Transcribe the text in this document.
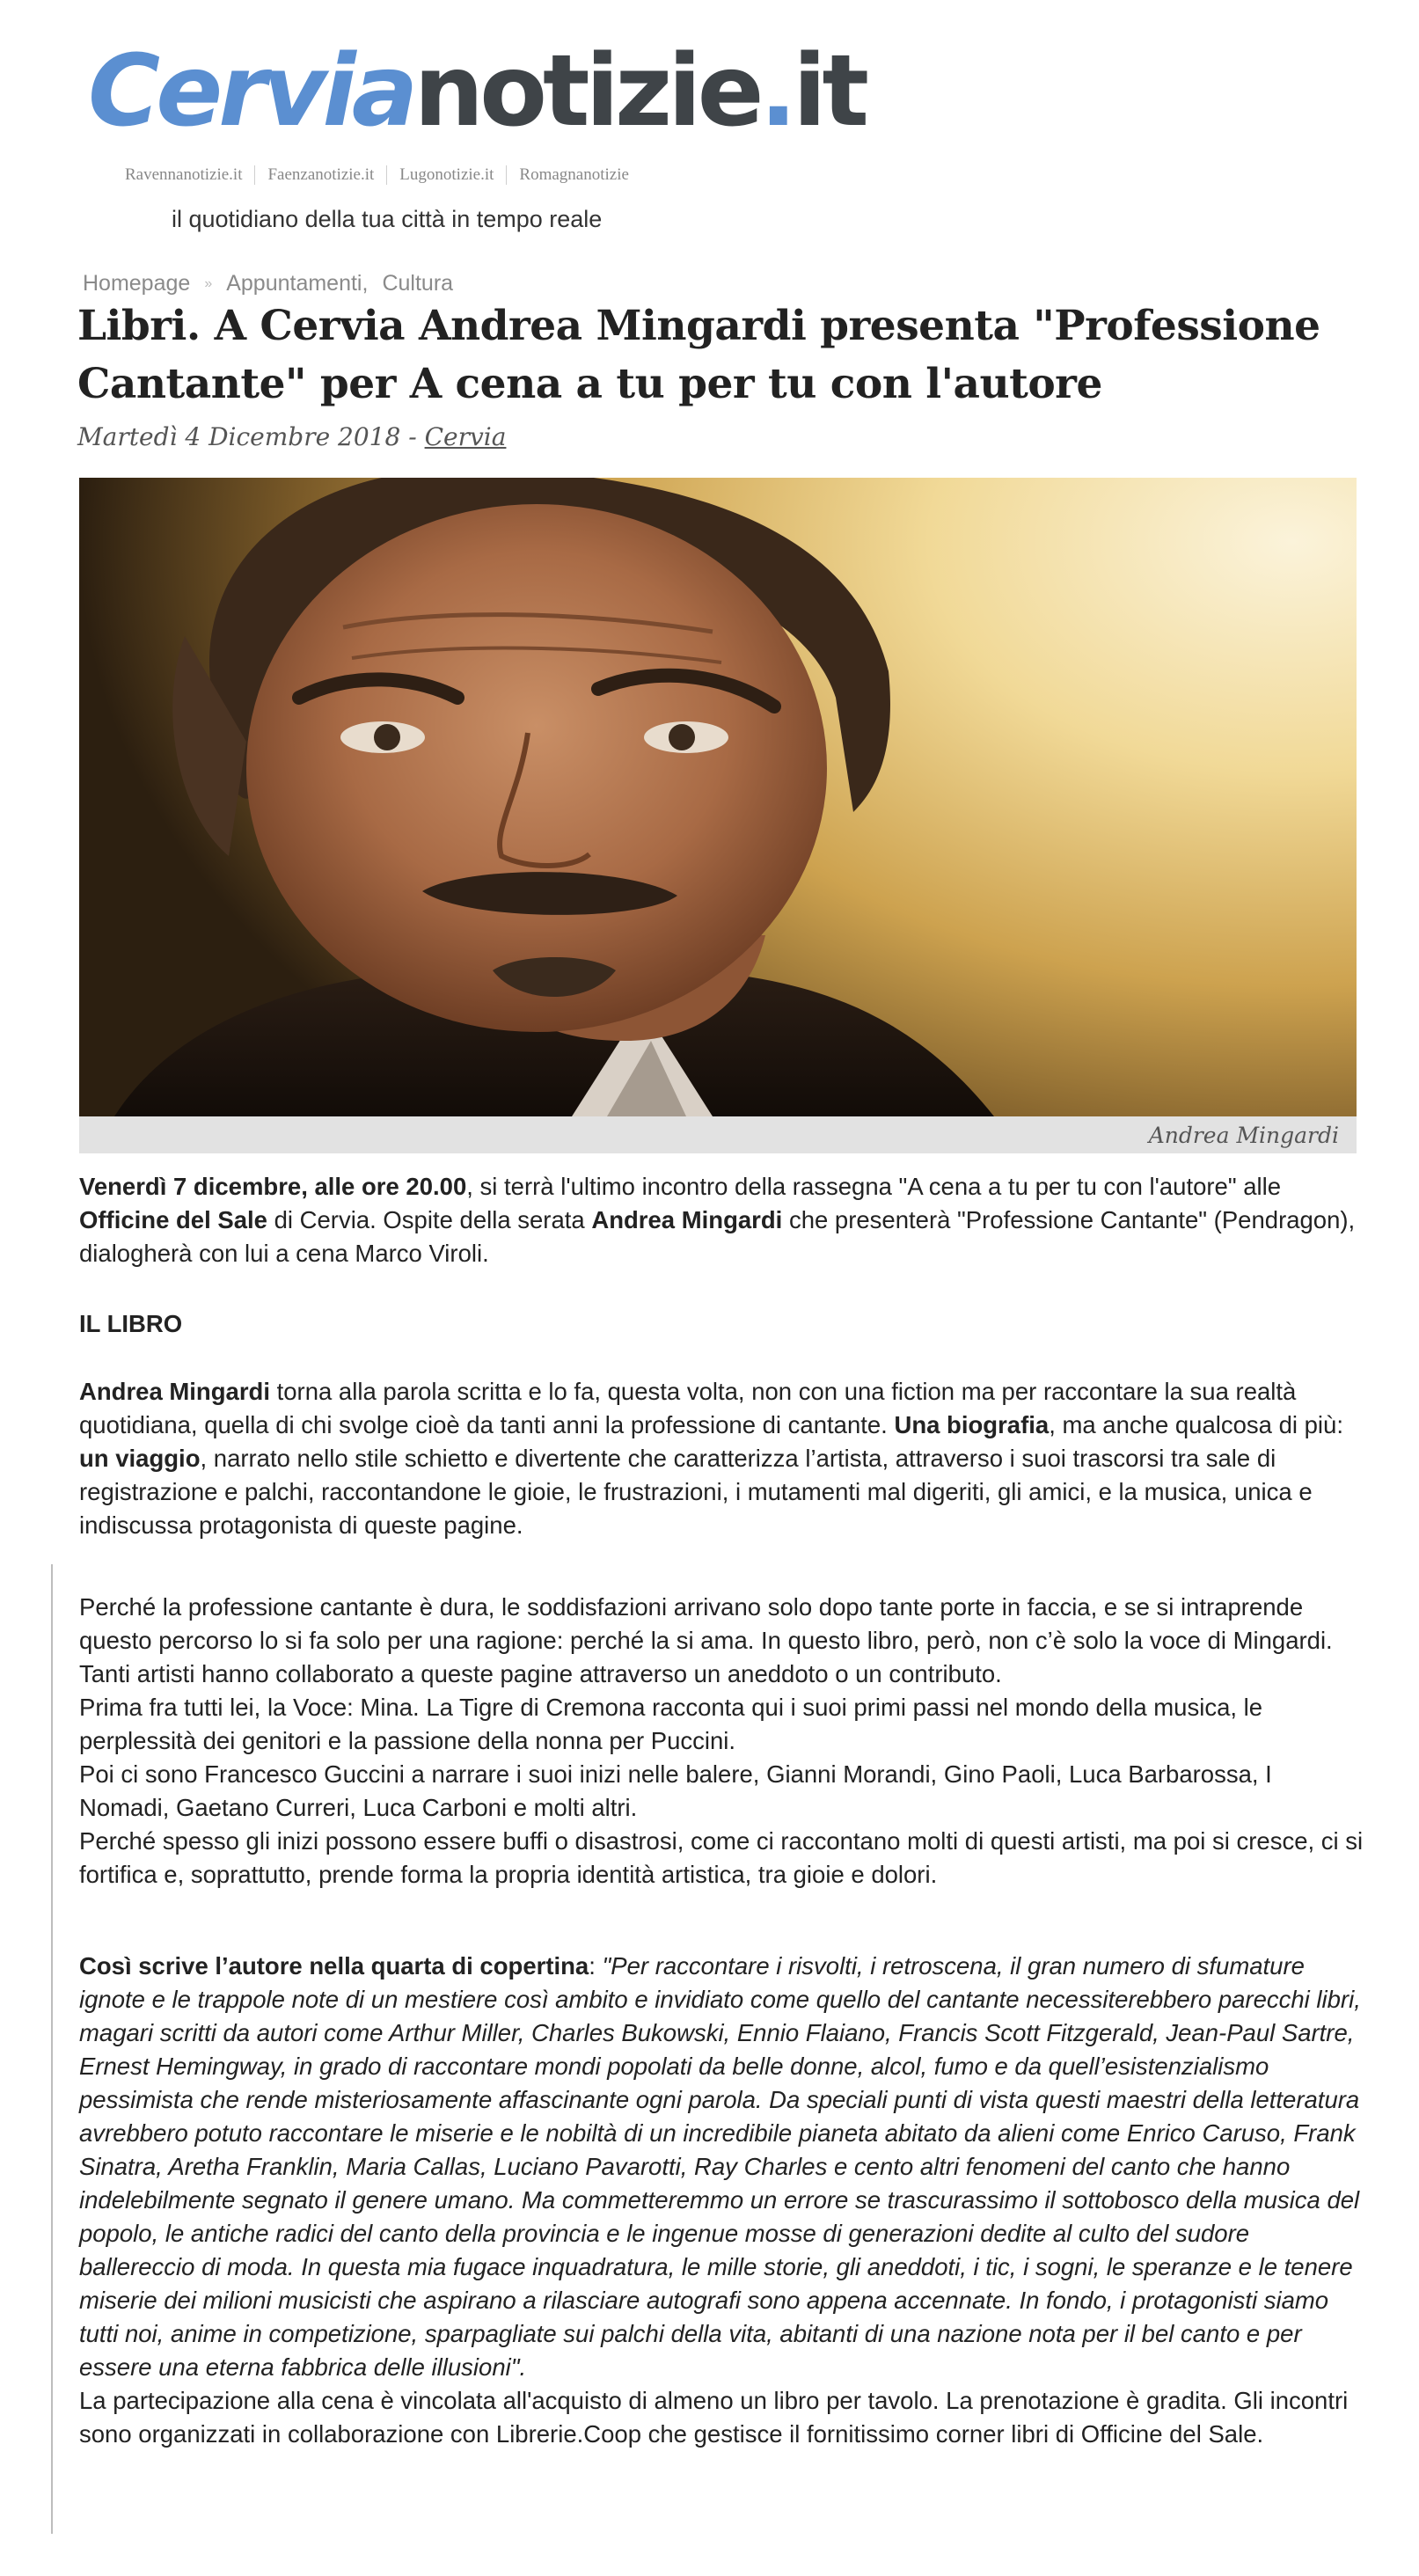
Cervianotizie.it
Ravennanotizie.it	Faenzanotizie.it	Lugonotizie.it	Romagnanotizie
il quotidiano della tua città in tempo reale
Homepage » Appuntamenti , Cultura
Libri. A Cervia Andrea Mingardi presenta "Professione Cantante" per A cena a tu per tu con l'autore
Martedì 4 Dicembre 2018 - Cervia
Andrea Mingardi

Venerdì 7 dicembre, alle ore 20.00, si terrà l'ultimo incontro della rassegna "A cena a tu per tu con l'autore" alle Officine del Sale di Cervia. Ospite della serata Andrea Mingardi che presenterà "Professione Cantante" (Pendragon), dialogherà con lui a cena Marco Viroli.

IL LIBRO

Andrea Mingardi torna alla parola scritta e lo fa, questa volta, non con una fiction ma per raccontare la sua realtà quotidiana, quella di chi svolge cioè da tanti anni la professione di cantante. Una biografia, ma anche qualcosa di più: un viaggio, narrato nello stile schietto e divertente che caratterizza l’artista, attraverso i suoi trascorsi tra sale di registrazione e palchi, raccontandone le gioie, le frustrazioni, i mutamenti mal digeriti, gli amici, e la musica, unica e indiscussa protagonista di queste pagine.

Perché la professione cantante è dura, le soddisfazioni arrivano solo dopo tante porte in faccia, e se si intraprende questo percorso lo si fa solo per una ragione: perché la si ama. In questo libro, però, non c’è solo la voce di Mingardi. Tanti artisti hanno collaborato a queste pagine attraverso un aneddoto o un contributo.
Prima fra tutti lei, la Voce: Mina. La Tigre di Cremona racconta qui i suoi primi passi nel mondo della musica, le perplessità dei genitori e la passione della nonna per Puccini.
Poi ci sono Francesco Guccini a narrare i suoi inizi nelle balere, Gianni Morandi, Gino Paoli, Luca Barbarossa, I Nomadi, Gaetano Curreri, Luca Carboni e molti altri.
Perché spesso gli inizi possono essere buffi o disastrosi, come ci raccontano molti di questi artisti, ma poi si cresce, ci si fortifica e, soprattutto, prende forma la propria identità artistica, tra gioie e dolori.

Così scrive l’autore nella quarta di copertina: "Per raccontare i risvolti, i retroscena, il gran numero di sfumature ignote e le trappole note di un mestiere così ambito e invidiato come quello del cantante necessiterebbero parecchi libri, magari scritti da autori come Arthur Miller, Charles Bukowski, Ennio Flaiano, Francis Scott Fitzgerald, Jean-Paul Sartre, Ernest Hemingway, in grado di raccontare mondi popolati da belle donne, alcol, fumo e da quell’esistenzialismo pessimista che rende misteriosamente affascinante ogni parola. Da speciali punti di vista questi maestri della letteratura avrebbero potuto raccontare le miserie e le nobiltà di un incredibile pianeta abitato da alieni come Enrico Caruso, Frank Sinatra, Aretha Franklin, Maria Callas, Luciano Pavarotti, Ray Charles e cento altri fenomeni del canto che hanno indelebilmente segnato il genere umano. Ma commetteremmo un errore se trascurassimo il sottobosco della musica del popolo, le antiche radici del canto della provincia e le ingenue mosse di generazioni dedite al culto del sudore ballereccio di moda. In questa mia fugace inquadratura, le mille storie, gli aneddoti, i tic, i sogni, le speranze e le tenere miserie dei milioni musicisti che aspirano a rilasciare autografi sono appena accennate. In fondo, i protagonisti siamo tutti noi, anime in competizione, sparpagliate sui palchi della vita, abitanti di una nazione nota per il bel canto e per essere una eterna fabbrica delle illusioni".
La partecipazione alla cena è vincolata all'acquisto di almeno un libro per tavolo. La prenotazione è gradita. Gli incontri sono organizzati in collaborazione con Librerie.Coop che gestisce il fornitissimo corner libri di Officine del Sale.
